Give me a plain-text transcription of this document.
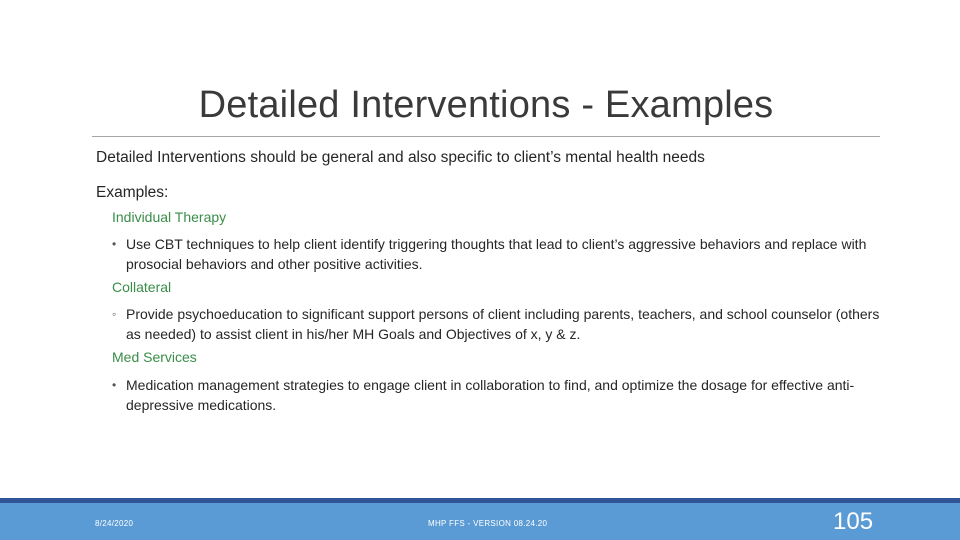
Detailed Interventions - Examples
Detailed Interventions should be general and also specific to client’s mental health needs
Examples:
Individual Therapy
• Use CBT techniques to help client identify triggering thoughts that lead to client’s aggressive behaviors and replace with prosocial behaviors and other positive activities.
Collateral
◦ Provide psychoeducation to significant support persons of client including parents, teachers, and school counselor (others as needed) to assist client in his/her MH Goals and Objectives of x, y & z.
Med Services
• Medication management strategies to engage client in collaboration to find, and optimize the dosage for effective anti-depressive medications.
8/24/2020	MHP FFS - VERSION 08.24.20	105
